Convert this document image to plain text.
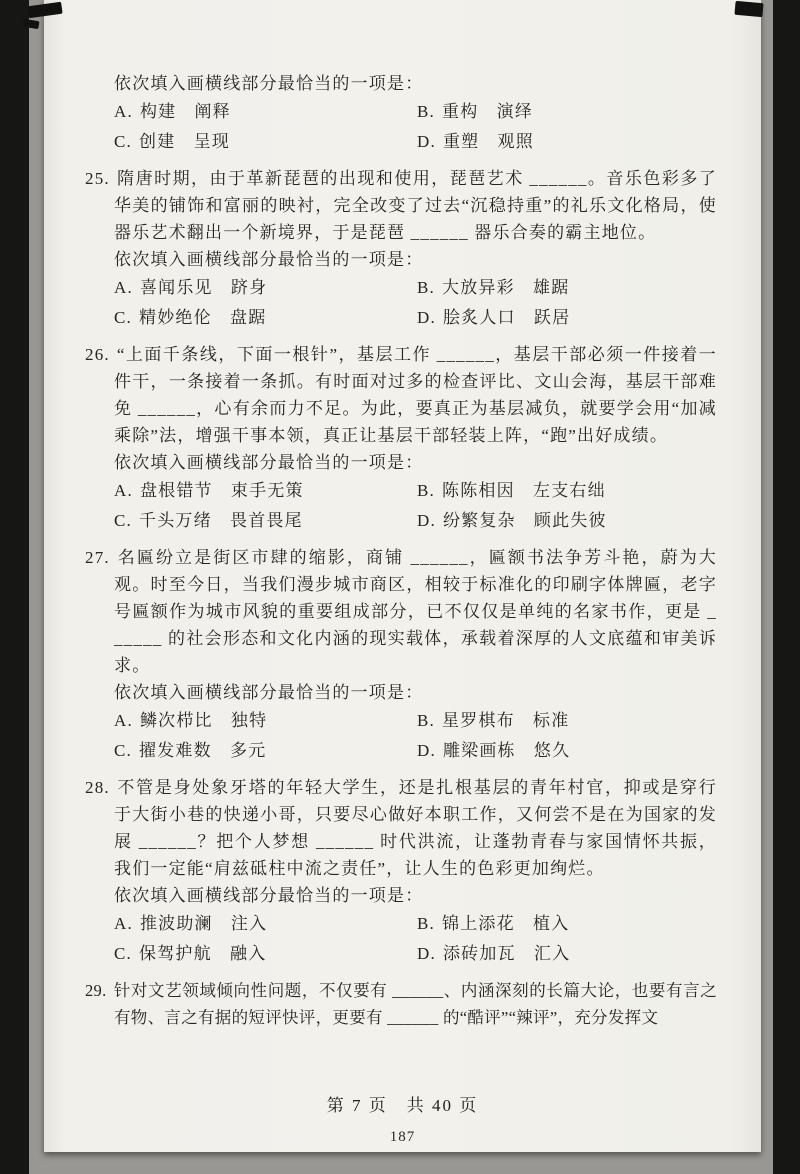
依次填入画横线部分最恰当的一项是：

A. 构建　阐释	B. 重构　演绎
C. 创建　呈现	D. 重塑　观照

25. 隋唐时期，由于革新琵琶的出现和使用，琵琶艺术 ______。音乐色彩多了华美的铺饰和富丽的映衬，完全改变了过去“沉稳持重”的礼乐文化格局，使器乐艺术翻出一个新境界，于是琵琶 ______ 器乐合奏的霸主地位。

依次填入画横线部分最恰当的一项是：

A. 喜闻乐见　跻身	B. 大放异彩　雄踞
C. 精妙绝伦　盘踞	D. 脍炙人口　跃居

26. “上面千条线，下面一根针”，基层工作 ______，基层干部必须一件接着一件干，一条接着一条抓。有时面对过多的检查评比、文山会海，基层干部难免 ______，心有余而力不足。为此，要真正为基层减负，就要学会用“加减乘除”法，增强干事本领，真正让基层干部轻装上阵，“跑”出好成绩。

依次填入画横线部分最恰当的一项是：

A. 盘根错节　束手无策	B. 陈陈相因　左支右绌
C. 千头万绪　畏首畏尾	D. 纷繁复杂　顾此失彼

27. 名匾纷立是街区市肆的缩影，商铺 ______，匾额书法争芳斗艳，蔚为大观。时至今日，当我们漫步城市商区，相较于标准化的印刷字体牌匾，老字号匾额作为城市风貌的重要组成部分，已不仅仅是单纯的名家书作，更是 ______ 的社会形态和文化内涵的现实载体，承载着深厚的人文底蕴和审美诉求。

依次填入画横线部分最恰当的一项是：

A. 鳞次栉比　独特	B. 星罗棋布　标准
C. 擢发难数　多元	D. 雕梁画栋　悠久

28. 不管是身处象牙塔的年轻大学生，还是扎根基层的青年村官，抑或是穿行于大街小巷的快递小哥，只要尽心做好本职工作，又何尝不是在为国家的发展 ______？把个人梦想 ______ 时代洪流，让蓬勃青春与家国情怀共振，我们一定能“肩兹砥柱中流之责任”，让人生的色彩更加绚烂。

依次填入画横线部分最恰当的一项是：

A. 推波助澜　注入	B. 锦上添花　植入
C. 保驾护航　融入	D. 添砖加瓦　汇入

29. 针对文艺领域倾向性问题，不仅要有 ______、内涵深刻的长篇大论，也要有言之有物、言之有据的短评快评，更要有 ______ 的“酷评”“辣评”，充分发挥文

第 7 页　共 40 页
187
